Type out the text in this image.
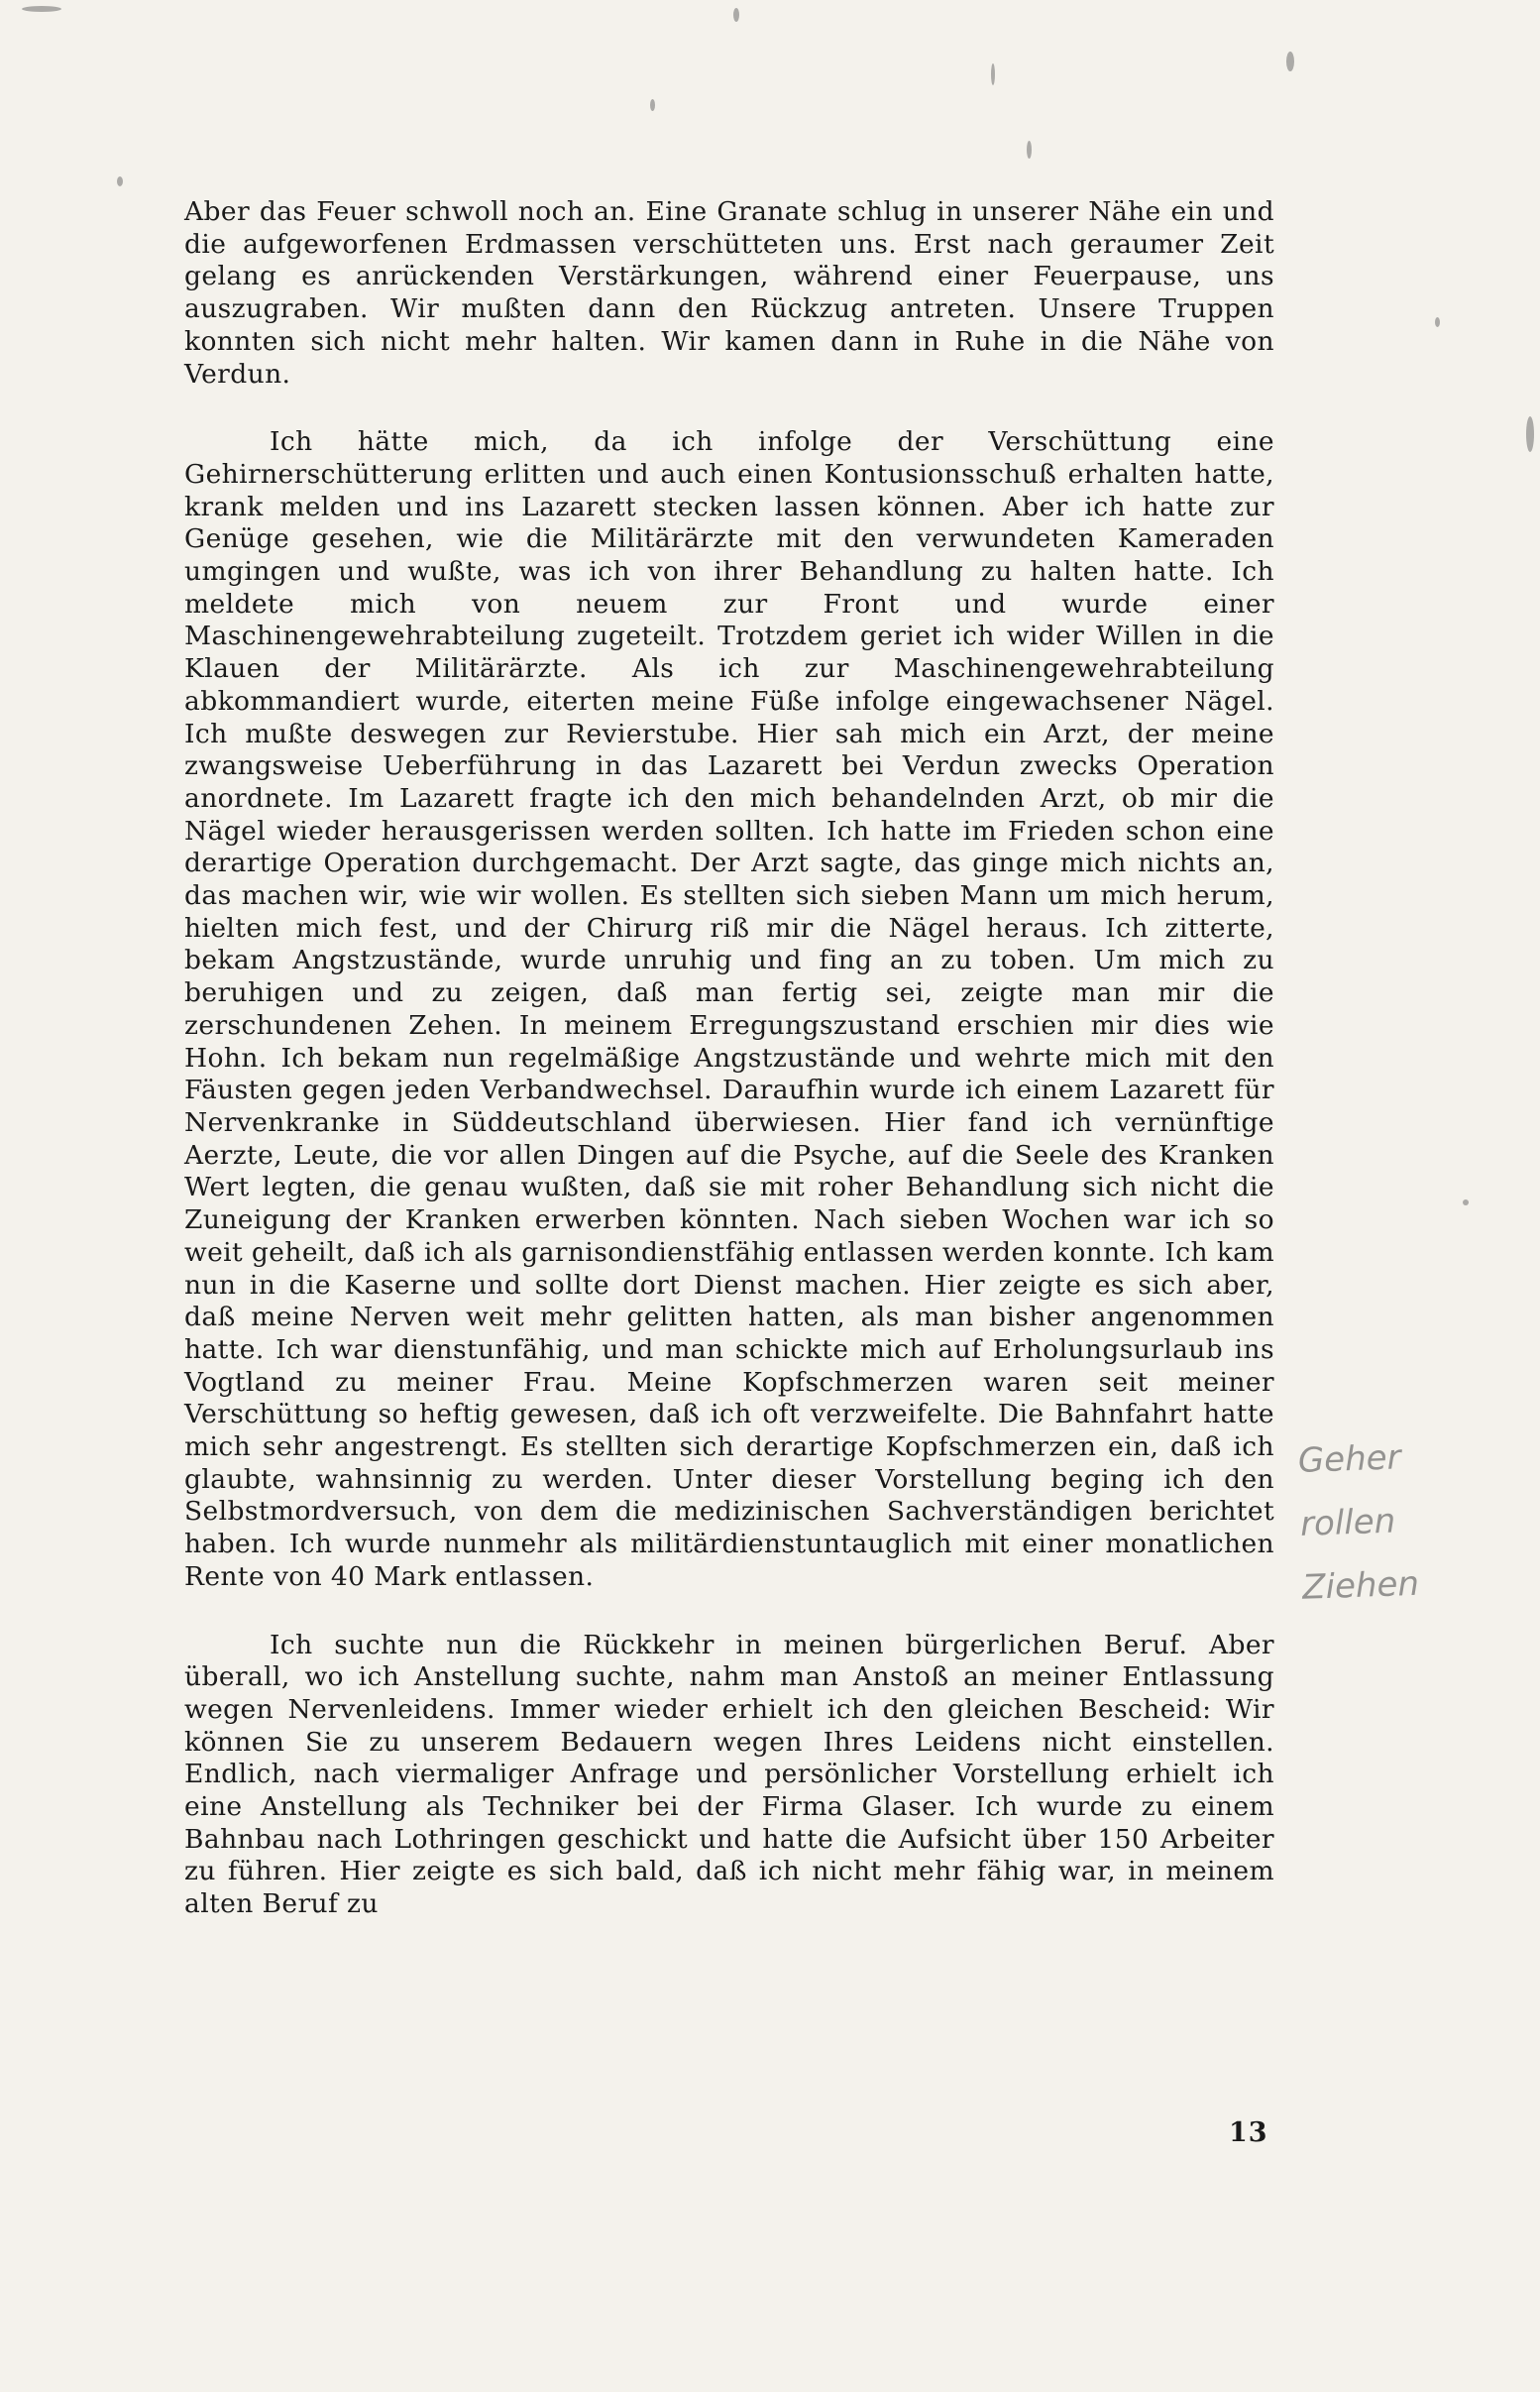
Aber das Feuer schwoll noch an. Eine Granate schlug in unserer Nähe ein und die aufgeworfenen Erdmassen verschütteten uns. Erst nach geraumer Zeit gelang es anrückenden Verstärkungen, während einer Feuerpause, uns auszugraben. Wir mußten dann den Rückzug antreten. Unsere Truppen konnten sich nicht mehr halten. Wir kamen dann in Ruhe in die Nähe von Verdun.

Ich hätte mich, da ich infolge der Verschüttung eine Gehirnerschütterung erlitten und auch einen Kontusionsschuß erhalten hatte, krank melden und ins Lazarett stecken lassen können. Aber ich hatte zur Genüge gesehen, wie die Militärärzte mit den verwundeten Kameraden umgingen und wußte, was ich von ihrer Behandlung zu halten hatte. Ich meldete mich von neuem zur Front und wurde einer Maschinengewehrabteilung zugeteilt. Trotzdem geriet ich wider Willen in die Klauen der Militärärzte. Als ich zur Maschinengewehrabteilung abkommandiert wurde, eiterten meine Füße infolge eingewachsener Nägel. Ich mußte deswegen zur Revierstube. Hier sah mich ein Arzt, der meine zwangsweise Ueberführung in das Lazarett bei Verdun zwecks Operation anordnete. Im Lazarett fragte ich den mich behandelnden Arzt, ob mir die Nägel wieder herausgerissen werden sollten. Ich hatte im Frieden schon eine derartige Operation durchgemacht. Der Arzt sagte, das ginge mich nichts an, das machen wir, wie wir wollen. Es stellten sich sieben Mann um mich herum, hielten mich fest, und der Chirurg riß mir die Nägel heraus. Ich zitterte, bekam Angstzustände, wurde unruhig und fing an zu toben. Um mich zu beruhigen und zu zeigen, daß man fertig sei, zeigte man mir die zerschundenen Zehen. In meinem Erregungszustand erschien mir dies wie Hohn. Ich bekam nun regelmäßige Angstzustände und wehrte mich mit den Fäusten gegen jeden Verbandwechsel. Daraufhin wurde ich einem Lazarett für Nervenkranke in Süddeutschland überwiesen. Hier fand ich vernünftige Aerzte, Leute, die vor allen Dingen auf die Psyche, auf die Seele des Kranken Wert legten, die genau wußten, daß sie mit roher Behandlung sich nicht die Zuneigung der Kranken erwerben könnten. Nach sieben Wochen war ich so weit geheilt, daß ich als garnisondienstfähig entlassen werden konnte. Ich kam nun in die Kaserne und sollte dort Dienst machen. Hier zeigte es sich aber, daß meine Nerven weit mehr gelitten hatten, als man bisher angenommen hatte. Ich war dienstunfähig, und man schickte mich auf Erholungsurlaub ins Vogtland zu meiner Frau. Meine Kopfschmerzen waren seit meiner Verschüttung so heftig gewesen, daß ich oft verzweifelte. Die Bahnfahrt hatte mich sehr angestrengt. Es stellten sich derartige Kopfschmerzen ein, daß ich glaubte, wahnsinnig zu werden. Unter dieser Vorstellung beging ich den Selbstmordversuch, von dem die medizinischen Sachverständigen berichtet haben. Ich wurde nunmehr als militärdienstuntauglich mit einer monatlichen Rente von 40 Mark entlassen.

Ich suchte nun die Rückkehr in meinen bürgerlichen Beruf. Aber überall, wo ich Anstellung suchte, nahm man Anstoß an meiner Entlassung wegen Nervenleidens. Immer wieder erhielt ich den gleichen Bescheid: Wir können Sie zu unserem Bedauern wegen Ihres Leidens nicht einstellen. Endlich, nach viermaliger Anfrage und persönlicher Vorstellung erhielt ich eine Anstellung als Techniker bei der Firma Glaser. Ich wurde zu einem Bahnbau nach Lothringen geschickt und hatte die Aufsicht über 150 Arbeiter zu führen. Hier zeigte es sich bald, daß ich nicht mehr fähig war, in meinem alten Beruf zu

Geher
rollen
Ziehen
13
